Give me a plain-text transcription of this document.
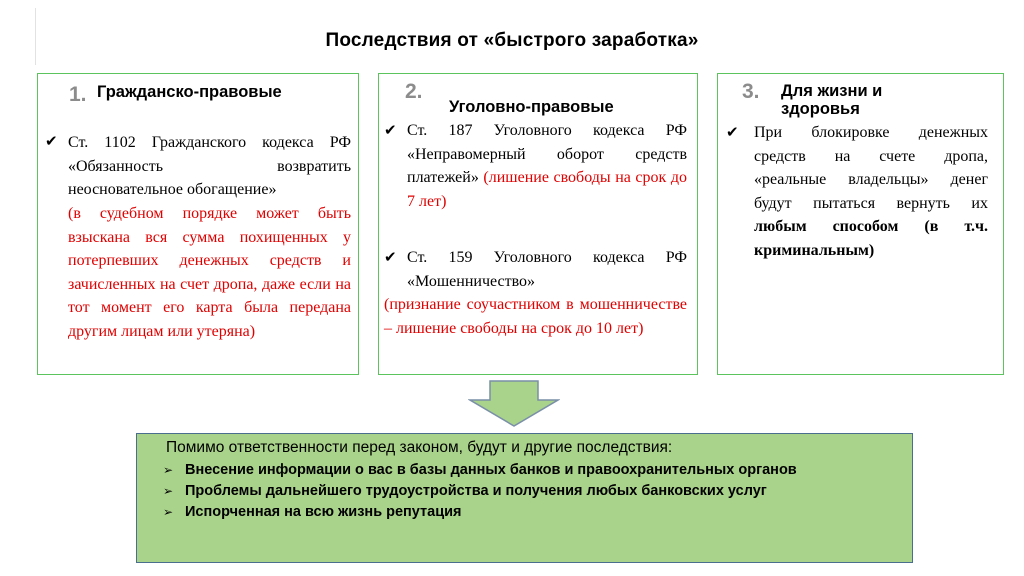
Последствия от «быстрого заработка»
1. Гражданско-правовые
✔ Ст. 1102 Гражданского кодекса РФ «Обязанность возвратить неосновательное обогащение»
(в судебном порядке может быть взыскана вся сумма похищенных у потерпевших денежных средств и зачисленных на счет дропа, даже если на тот момент его карта была передана другим лицам или утеряна)
2.
Уголовно-правовые
✔ Ст. 187 Уголовного кодекса РФ «Неправомерный оборот средств платежей» (лишение свободы на срок до 7 лет)
✔ Ст. 159 Уголовного кодекса РФ «Мошенничество»
(признание соучастником в мошенничестве – лишение свободы на срок до 10 лет)
3. Для жизни и здоровья
✔ При блокировке денежных средств на счете дропа, «реальные владельцы» денег будут пытаться вернуть их любым способом (в т.ч. криминальным)
Помимо ответственности перед законом, будут и другие последствия:
➢ Внесение информации о вас в базы данных банков и правоохранительных органов
➢ Проблемы дальнейшего трудоустройства и получения любых банковских услуг
➢ Испорченная на всю жизнь репутация
